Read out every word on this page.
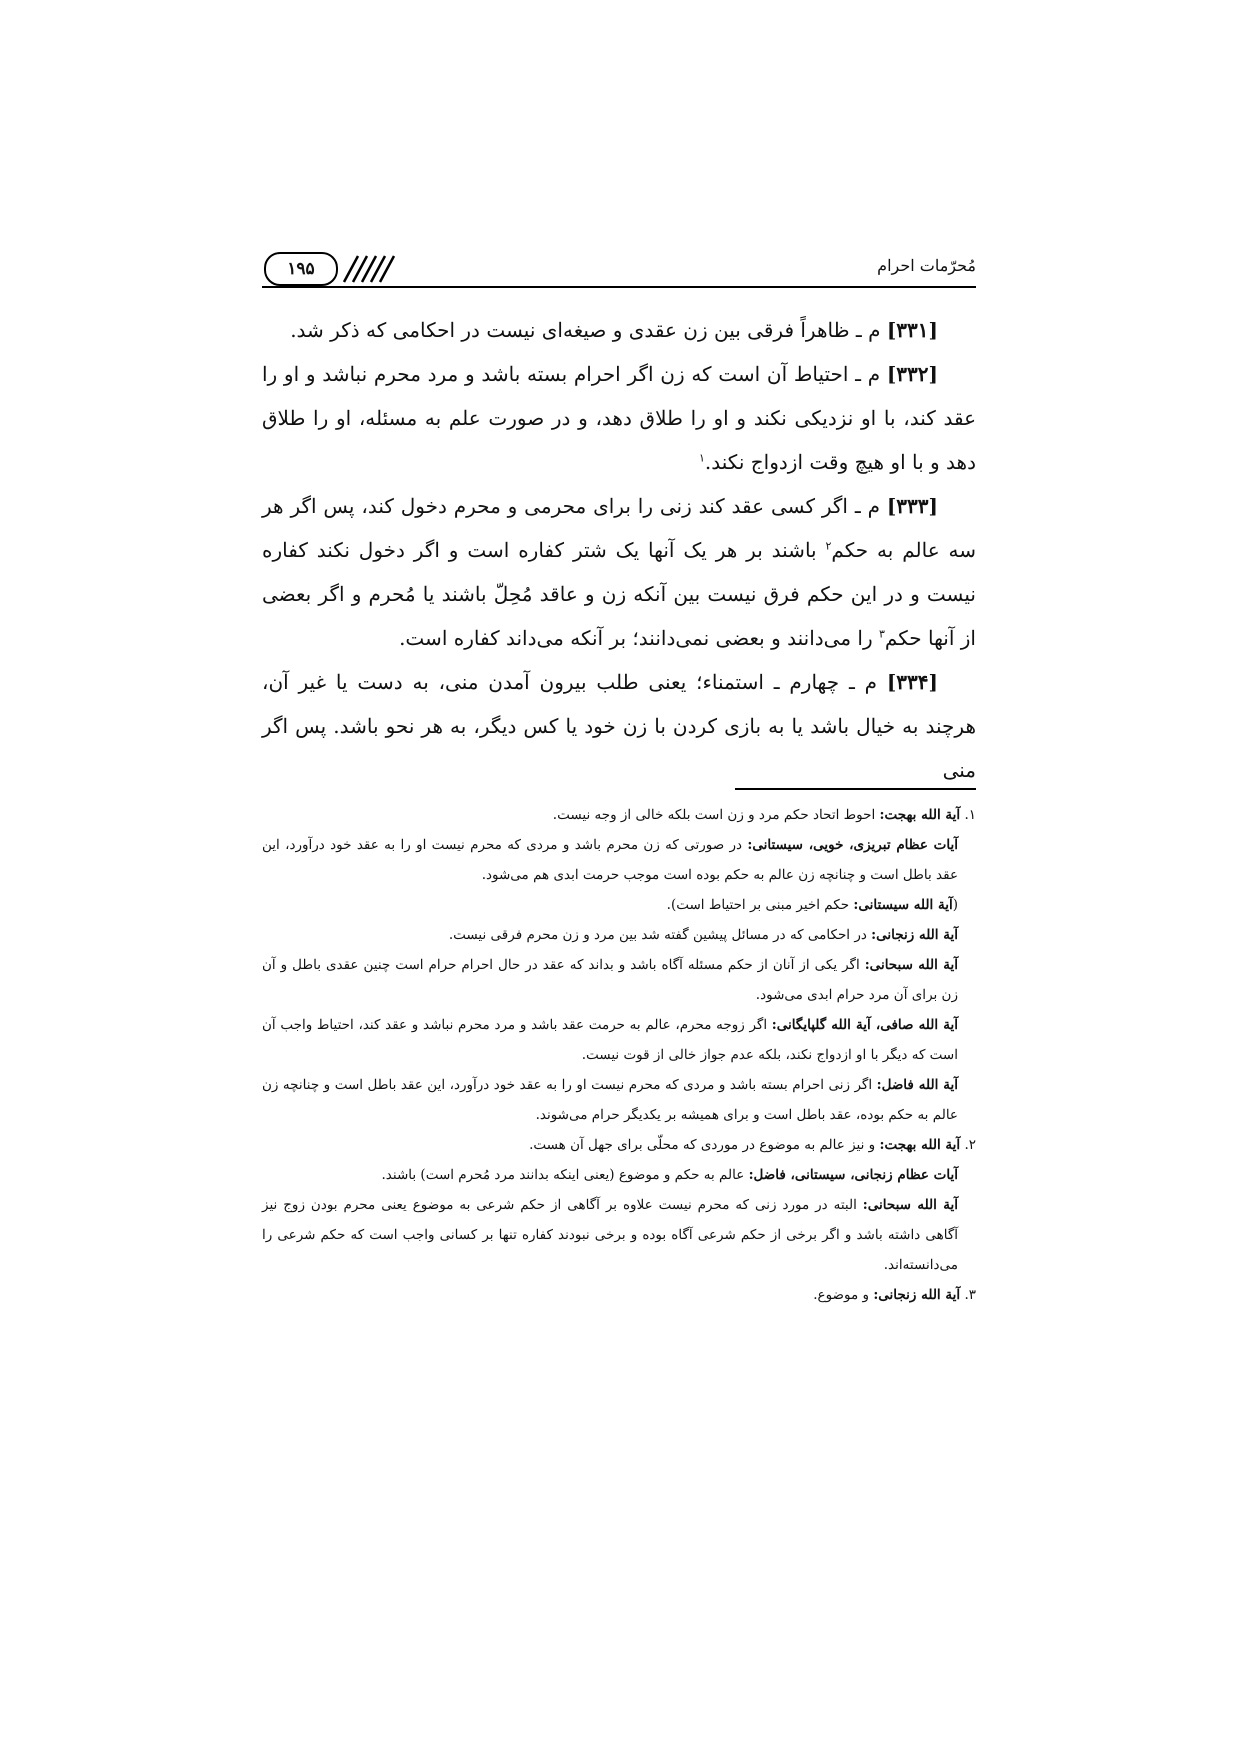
مُحرّمات احرام
۱۹۵

[۳۳۱] م ـ ظاهراً فرقی بین زن عقدی و صیغه‌ای نیست در احکامی که ذکر شد.

[۳۳۲] م ـ احتیاط آن است که زن اگر احرام بسته باشد و مرد محرم نباشد و او را عقد کند، با او نزدیکی نکند و او را طلاق دهد، و در صورت علم به مسئله، او را طلاق دهد و با او هیچ وقت ازدواج نکند.$^۱$

[۳۳۳] م ـ اگر کسی عقد کند زنی را برای محرمی و محرم دخول کند، پس اگر هر سه عالم به حکم$^۲$ باشند بر هر یک آنها یک شتر کفاره است و اگر دخول نکند کفاره نیست و در این حکم فرق نیست بین آنکه زن و عاقد مُحِلّ باشند یا مُحرم و اگر بعضی از آنها حکم$^۳$ را می‌دانند و بعضی نمی‌دانند؛ بر آنکه می‌داند کفاره است.

[۳۳۴] م ـ چهارم ـ استمناء؛ یعنی طلب بیرون آمدن منی، به دست یا غیر آن، هرچند به خیال باشد یا به بازی کردن با زن خود یا کس دیگر، به هر نحو باشد. پس اگر منی

۱. آیة الله بهجت: احوط اتحاد حکم مرد و زن است بلکه خالی از وجه نیست.

آیات عظام تبریزی، خویی، سیستانی: در صورتی که زن محرم باشد و مردی که محرم نیست او را به عقد خود درآورد، این عقد باطل است و چنانچه زن عالم به حکم بوده است موجب حرمت ابدی هم می‌شود.
(آیة الله سیستانی: حکم اخیر مبنی بر احتیاط است).

آیة الله زنجانی: در احکامی که در مسائل پیشین گفته شد بین مرد و زن محرم فرقی نیست.

آیة الله سبحانی: اگر یکی از آنان از حکم مسئله آگاه باشد و بداند که عقد در حال احرام حرام است چنین عقدی باطل و آن زن برای آن مرد حرام ابدی می‌شود.

آیة الله صافی، آیة الله گلپایگانی: اگر زوجه محرم، عالم به حرمت عقد باشد و مرد محرم نباشد و عقد کند، احتیاط واجب آن است که دیگر با او ازدواج نکند، بلکه عدم جواز خالی از قوت نیست.

آیة الله فاضل: اگر زنی احرام بسته باشد و مردی که محرم نیست او را به عقد خود درآورد، این عقد باطل است و چنانچه زن عالم به حکم بوده، عقد باطل است و برای همیشه بر یکدیگر حرام می‌شوند.

۲. آیة الله بهجت: و نیز عالم به موضوع در موردی که محلّی برای جهل آن هست.

آیات عظام زنجانی، سیستانی، فاضل: عالم به حکم و موضوع (یعنی اینکه بدانند مرد مُحرم است) باشند.

آیة الله سبحانی: البته در مورد زنی که محرم نیست علاوه بر آگاهی از حکم شرعی به موضوع یعنی محرم بودن زوج نیز آگاهی داشته باشد و اگر برخی از حکم شرعی آگاه بوده و برخی نبودند کفاره تنها بر کسانی واجب است که حکم شرعی را می‌دانسته‌اند.

۳. آیة الله زنجانی: و موضوع.
